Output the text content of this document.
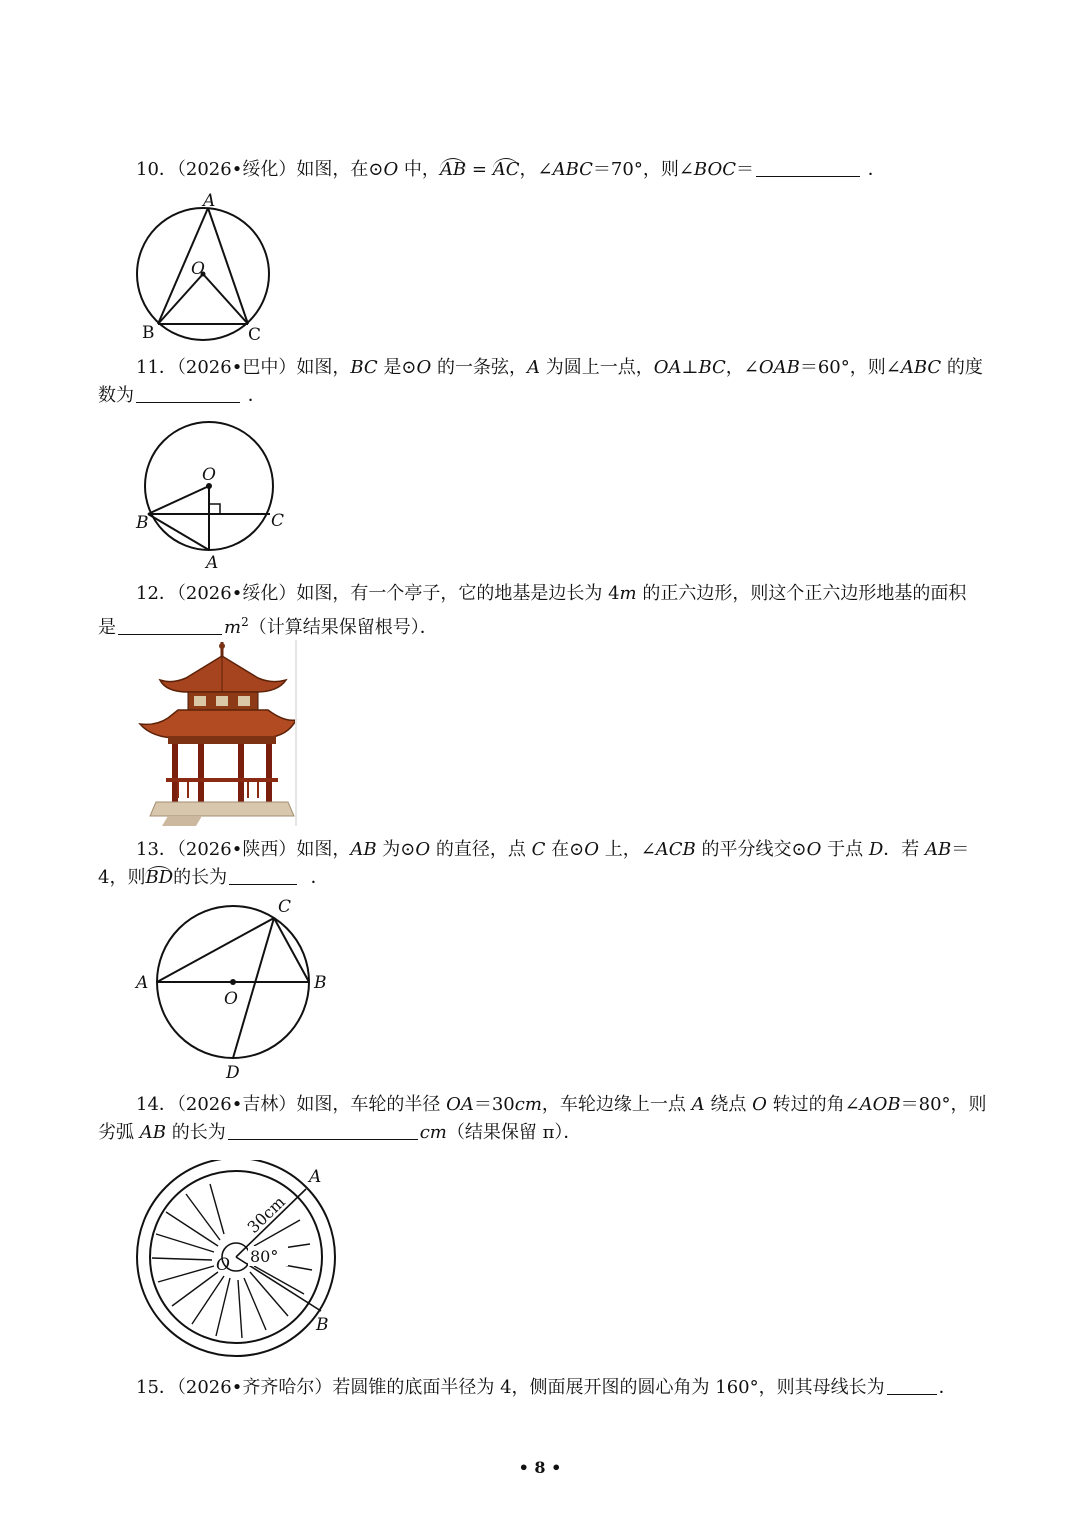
10．（2026•绥化）如图，在⊙O 中，AB = AC，∠ABC＝70°，则∠BOC＝	．
A
O
B	C
11．（2026•巴中）如图，BC 是⊙O 的一条弦，A 为圆上一点，OA⊥BC，∠OAB＝60°，则∠ABC 的度
数为	．
O
B	C
A
12．（2026•绥化）如图，有一个亭子，它的地基是边长为 4m 的正六边形，则这个正六边形地基的面积
是	$m^2$（计算结果保留根号）．
13．（2026•陕西）如图，AB 为⊙O 的直径，点 C 在⊙O 上，∠ACB 的平分线交⊙O 于点 D．若 AB＝
4，则BD的长为	．
C
A	B
O
D
14．（2026•吉林）如图，车轮的半径 OA＝30cm，车轮边缘上一点 A 绕点 O 转过的角∠AOB＝80°，则
劣弧 AB 的长为	cm（结果保留 π）．
A
B
O 80°
30cm
15．（2026•齐齐哈尔）若圆锥的底面半径为 4，侧面展开图的圆心角为 160°，则其母线长为	．
• 8 •
